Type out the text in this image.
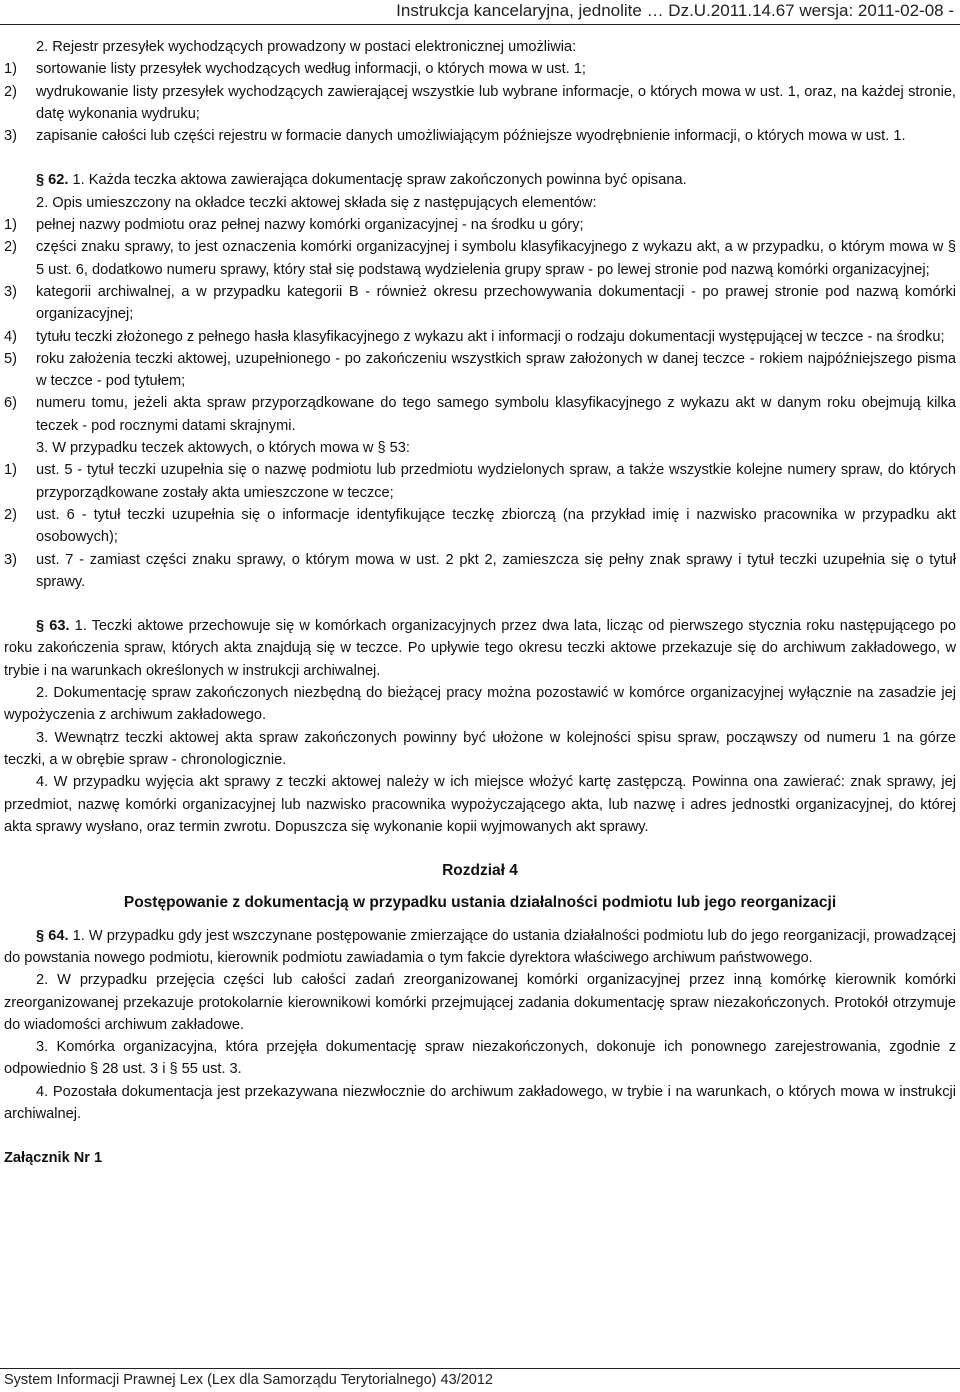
Instrukcja kancelaryjna, jednolite … Dz.U.2011.14.67 wersja: 2011-02-08 -

2. Rejestr przesyłek wychodzących prowadzony w postaci elektronicznej umożliwia:

1) sortowanie listy przesyłek wychodzących według informacji, o których mowa w ust. 1;

2) wydrukowanie listy przesyłek wychodzących zawierającej wszystkie lub wybrane informacje, o których mowa w ust. 1, oraz, na każdej stronie, datę wykonania wydruku;

3) zapisanie całości lub części rejestru w formacie danych umożliwiającym późniejsze wyodrębnienie informacji, o których mowa w ust. 1.

§ 62. 1. Każda teczka aktowa zawierająca dokumentację spraw zakończonych powinna być opisana.

2. Opis umieszczony na okładce teczki aktowej składa się z następujących elementów:

1) pełnej nazwy podmiotu oraz pełnej nazwy komórki organizacyjnej - na środku u góry;

2) części znaku sprawy, to jest oznaczenia komórki organizacyjnej i symbolu klasyfikacyjnego z wykazu akt, a w przypadku, o którym mowa w § 5 ust. 6, dodatkowo numeru sprawy, który stał się podstawą wydzielenia grupy spraw - po lewej stronie pod nazwą komórki organizacyjnej;

3) kategorii archiwalnej, a w przypadku kategorii B - również okresu przechowywania dokumentacji - po prawej stronie pod nazwą komórki organizacyjnej;

4) tytułu teczki złożonego z pełnego hasła klasyfikacyjnego z wykazu akt i informacji o rodzaju dokumentacji występującej w teczce - na środku;

5) roku założenia teczki aktowej, uzupełnionego - po zakończeniu wszystkich spraw założonych w danej teczce - rokiem najpóźniejszego pisma w teczce - pod tytułem;

6) numeru tomu, jeżeli akta spraw przyporządkowane do tego samego symbolu klasyfikacyjnego z wykazu akt w danym roku obejmują kilka teczek - pod rocznymi datami skrajnymi.

3. W przypadku teczek aktowych, o których mowa w § 53:

1) ust. 5 - tytuł teczki uzupełnia się o nazwę podmiotu lub przedmiotu wydzielonych spraw, a także wszystkie kolejne numery spraw, do których przyporządkowane zostały akta umieszczone w teczce;

2) ust. 6 - tytuł teczki uzupełnia się o informacje identyfikujące teczkę zbiorczą (na przykład imię i nazwisko pracownika w przypadku akt osobowych);

3) ust. 7 - zamiast części znaku sprawy, o którym mowa w ust. 2 pkt 2, zamieszcza się pełny znak sprawy i tytuł teczki uzupełnia się o tytuł sprawy.

§ 63. 1. Teczki aktowe przechowuje się w komórkach organizacyjnych przez dwa lata, licząc od pierwszego stycznia roku następującego po roku zakończenia spraw, których akta znajdują się w teczce. Po upływie tego okresu teczki aktowe przekazuje się do archiwum zakładowego, w trybie i na warunkach określonych w instrukcji archiwalnej.

2. Dokumentację spraw zakończonych niezbędną do bieżącej pracy można pozostawić w komórce organizacyjnej wyłącznie na zasadzie jej wypożyczenia z archiwum zakładowego.

3. Wewnątrz teczki aktowej akta spraw zakończonych powinny być ułożone w kolejności spisu spraw, począwszy od numeru 1 na górze teczki, a w obrębie spraw - chronologicznie.

4. W przypadku wyjęcia akt sprawy z teczki aktowej należy w ich miejsce włożyć kartę zastępczą. Powinna ona zawierać: znak sprawy, jej przedmiot, nazwę komórki organizacyjnej lub nazwisko pracownika wypożyczającego akta, lub nazwę i adres jednostki organizacyjnej, do której akta sprawy wysłano, oraz termin zwrotu. Dopuszcza się wykonanie kopii wyjmowanych akt sprawy.

Rozdział 4

Postępowanie z dokumentacją w przypadku ustania działalności podmiotu lub jego reorganizacji

§ 64. 1. W przypadku gdy jest wszczynane postępowanie zmierzające do ustania działalności podmiotu lub do jego reorganizacji, prowadzącej do powstania nowego podmiotu, kierownik podmiotu zawiadamia o tym fakcie dyrektora właściwego archiwum państwowego.

2. W przypadku przejęcia części lub całości zadań zreorganizowanej komórki organizacyjnej przez inną komórkę kierownik komórki zreorganizowanej przekazuje protokolarnie kierownikowi komórki przejmującej zadania dokumentację spraw niezakończonych. Protokół otrzymuje do wiadomości archiwum zakładowe.

3. Komórka organizacyjna, która przejęła dokumentację spraw niezakończonych, dokonuje ich ponownego zarejestrowania, zgodnie z odpowiednio § 28 ust. 3 i § 55 ust. 3.

4. Pozostała dokumentacja jest przekazywana niezwłocznie do archiwum zakładowego, w trybie i na warunkach, o których mowa w instrukcji archiwalnej.

Załącznik Nr 1

System Informacji Prawnej Lex (Lex dla Samorządu Terytorialnego) 43/2012
